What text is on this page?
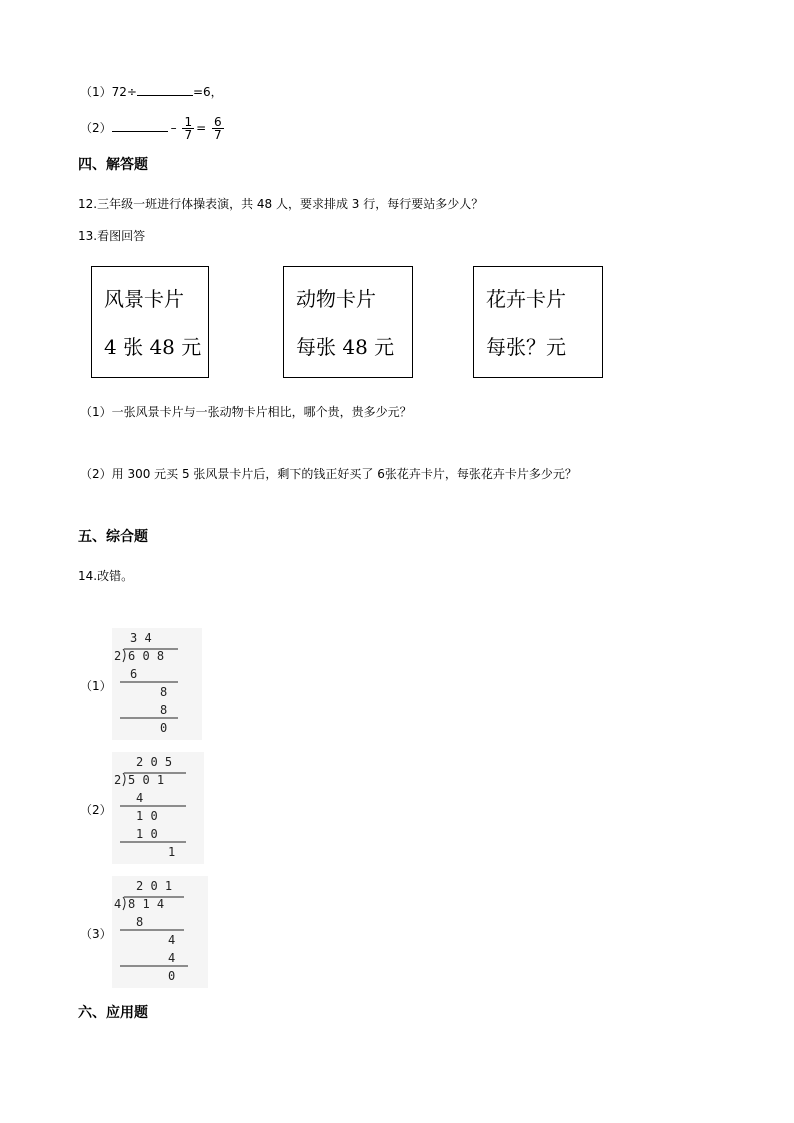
（1）72÷	=6，
（2）	– $\frac{1}{7} = \frac{6}{7}$
四、解答题
12.三年级一班进行体操表演，共 48 人，要求排成 3 行，每行要站多少人？
13.看图回答
风景卡片
4 张 48 元
动物卡片
每张 48 元
花卉卡片
每张？元
（1）一张风景卡片与一张动物卡片相比，哪个贵，贵多少元？
（2）用 300 元买 5 张风景卡片后，剩下的钱正好买了 6张花卉卡片，每张花卉卡片多少元？
五、综合题
14.改错。
（1）
3 4
2 6 0 8
6
8
8
0
（2）
2 0 5
2 5 0 1
4
1 0
1 0
1
（3）
2 0 1
4 8 1 4
8
4
4
0
六、应用题
